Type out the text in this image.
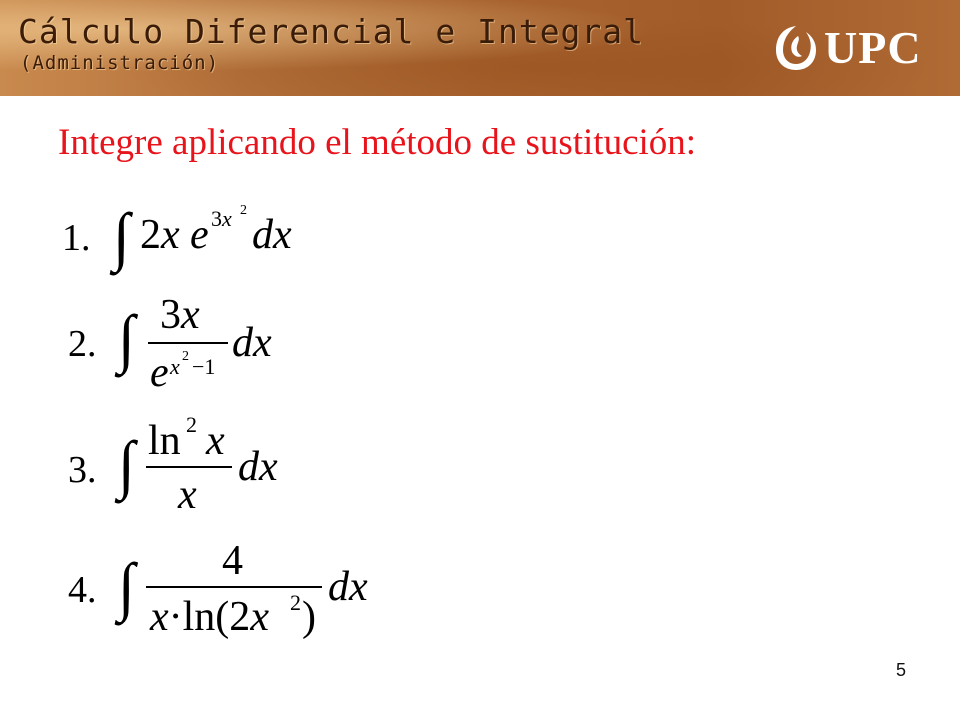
Cálculo Diferencial e Integral
(Administración)	UPC
Integre aplicando el método de sustitución:
1. ∫ 2x e 3x 2
dx
2. ∫ 3x
e x 2 −1
dx
3. ∫ ln 2 x
x
dx
4. ∫ 4
x·ln(2x 2 )
dx
5
